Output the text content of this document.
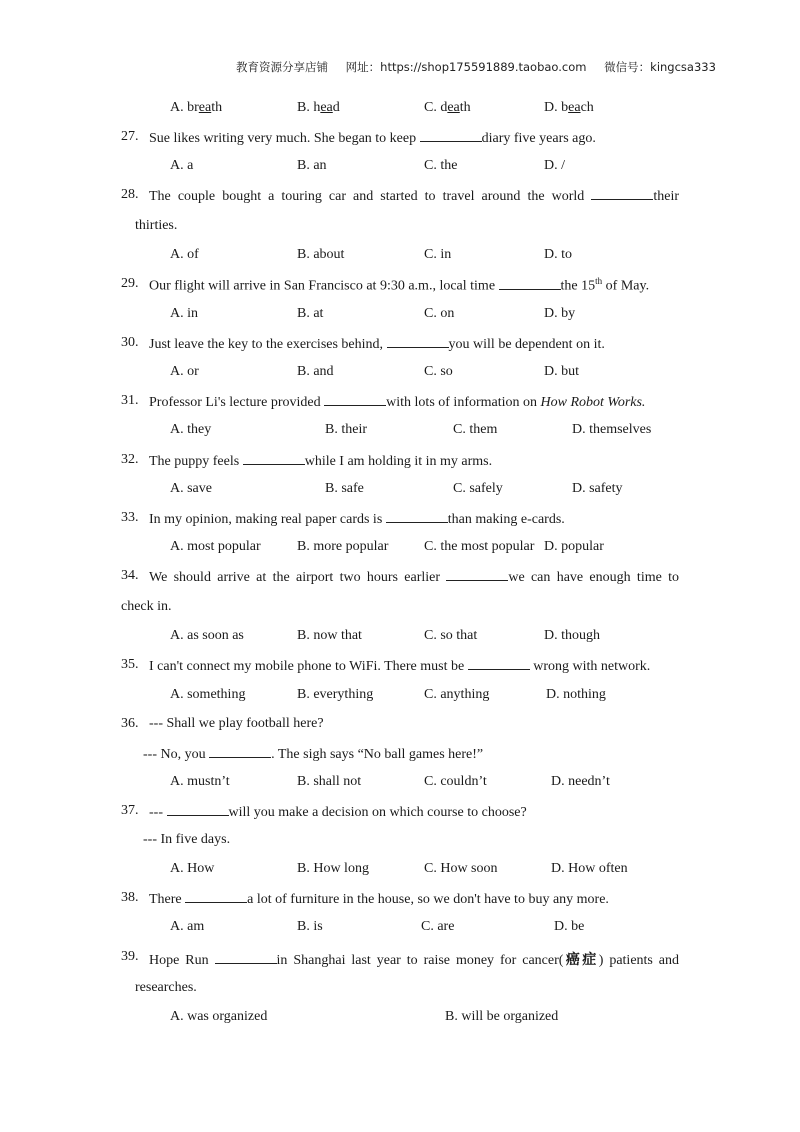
教育资源分享店铺 网址：https://shop175591889.taobao.com 微信号：kingcsa333
A. breath	B. head	C. death	D. beach
27. Sue likes writing very much. She began to keep	diary five years ago.
A. a	B. an	C. the	D. /
28. The couple bought a touring car and started to travel around the world	their
thirties.
A. of	B. about	C. in	D. to
29. Our flight will arrive in San Francisco at 9:30 a.m., local time	the 15th of May.
A. in	B. at	C. on	D. by
30. Just leave the key to the exercises behind,	you will be dependent on it.
A. or	B. and	C. so	D. but
31. Professor Li's lecture provided	with lots of information on How Robot Works.
A. they	B. their	C. them	D. themselves
32. The puppy feels	while I am holding it in my arms.
A. save	B. safe	C. safely	D. safety
33. In my opinion, making real paper cards is	than making e-cards.
A. most popular	B. more popular	C. the most popular D. popular
34. We should arrive at the airport two hours earlier	we can have enough time to
check in.
A. as soon as	B. now that	C. so that	D. though
35. I can't connect my mobile phone to WiFi. There must be	wrong with network.
A. something	B. everything	C. anything	D. nothing
36. --- Shall we play football here?
--- No, you	. The sigh says “No ball games here!”
A. mustn’t	B. shall not	C. couldn’t	D. needn’t
37. ---	will you make a decision on which course to choose?
--- In five days.
A. How	B. How long	C. How soon	D. How often
38. There	a lot of furniture in the house, so we don't have to buy any more.
A. am	B. is	C. are	D. be
39. Hope Run	in Shanghai last year to raise money for cancer(癌症) patients and
researches.
A. was organized	B. will be organized
